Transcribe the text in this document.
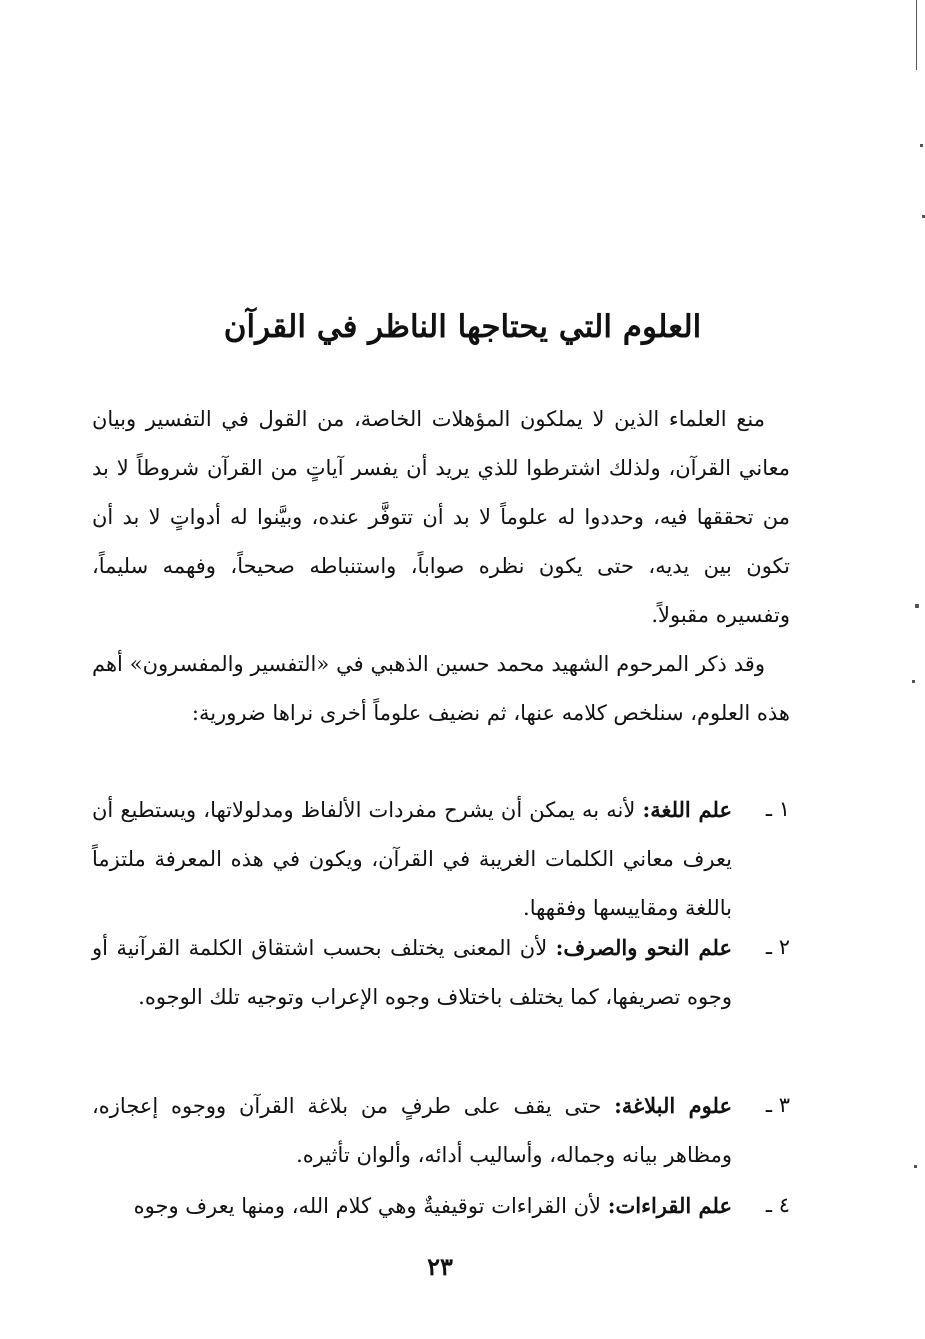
العلوم التي يحتاجها الناظر في القرآن

منع العلماء الذين لا يملكون المؤهلات الخاصة، من القول في التفسير وبيان معاني القرآن، ولذلك اشترطوا للذي يريد أن يفسر آياتٍ من القرآن شروطاً لا بد من تحققها فيه، وحددوا له علوماً لا بد أن تتوفَّر عنده، وبيَّنوا له أدواتٍ لا بد أن تكون بين يديه، حتى يكون نظره صواباً، واستنباطه صحيحاً، وفهمه سليماً، وتفسيره مقبولاً.

وقد ذكر المرحوم الشهيد محمد حسين الذهبي في «التفسير والمفسرون» أهم هذه العلوم، سنلخص كلامه عنها، ثم نضيف علوماً أخرى نراها ضرورية:

١ ـ
علم اللغة: لأنه به يمكن أن يشرح مفردات الألفاظ ومدلولاتها، ويستطيع أن يعرف معاني الكلمات الغريبة في القرآن، ويكون في هذه المعرفة ملتزماً باللغة ومقاييسها وفقهها.
٢ ـ
علم النحو والصرف: لأن المعنى يختلف بحسب اشتقاق الكلمة القرآنية أو وجوه تصريفها، كما يختلف باختلاف وجوه الإعراب وتوجيه تلك الوجوه.
٣ ـ
علوم البلاغة: حتى يقف على طرفٍ من بلاغة القرآن ووجوه إعجازه، ومظاهر بيانه وجماله، وأساليب أدائه، وألوان تأثيره.
٤ ـ
علم القراءات: لأن القراءات توقيفيةٌ وهي كلام الله، ومنها يعرف وجوه
٢٣
